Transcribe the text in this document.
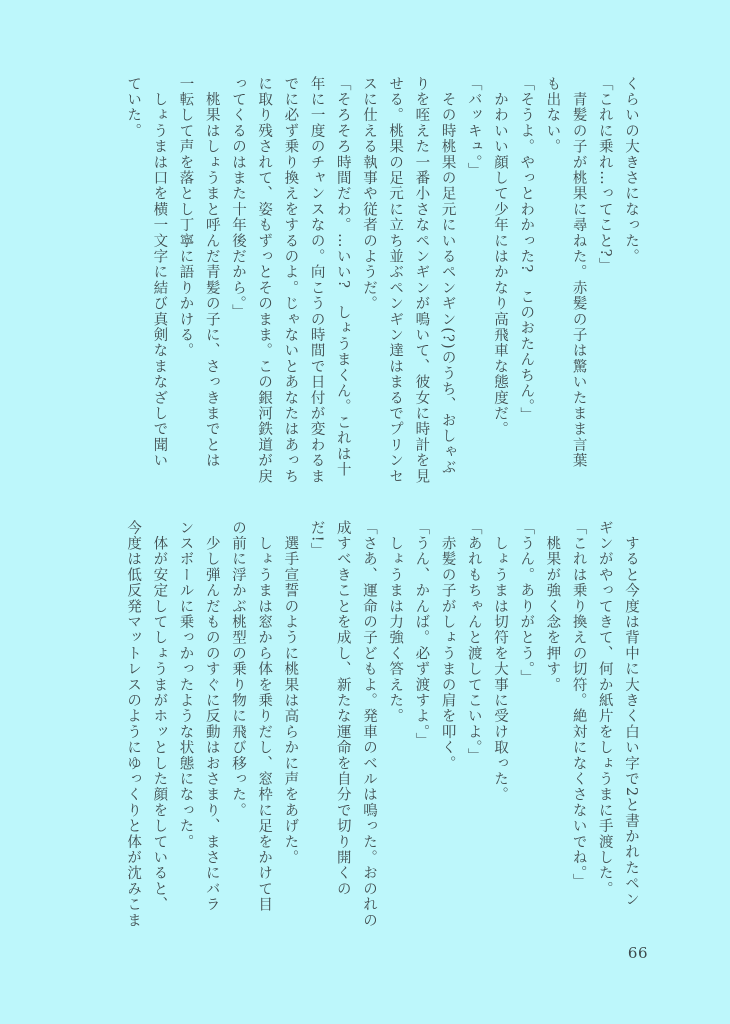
くらいの大きさになった。
「これに乗れ…ってこと?」
　青髪の子が桃果に尋ねた。赤髪の子は驚いたまま言葉
も出ない。
「そうよ。やっとわかった?　このおたんちん。」
　かわいい顔して少年にはかなり高飛車な態度だ。
「バッキュ。」
　その時桃果の足元にいるペンギン(?)のうち、おしゃぶ
りを咥えた一番小さなペンギンが鳴いて、彼女に時計を見
せる。桃果の足元に立ち並ぶペンギン達はまるでプリンセ
スに仕える執事や従者のようだ。
「そろそろ時間だわ。…いい?　しょうまくん。これは十
年に一度のチャンスなの。向こうの時間で日付が変わるま
でに必ず乗り換えをするのよ。じゃないとあなたはあっち
に取り残されて、姿もずっとそのまま。この銀河鉄道が戻
ってくるのはまた十年後だから。」
　桃果はしょうまと呼んだ青髪の子に、さっきまでとは
一転して声を落とし丁寧に語りかける。
　しょうまは口を横一文字に結び真剣なまなざしで聞い
ていた。
　すると今度は背中に大きく白い字で2と書かれたペン
ギンがやってきて、何か紙片をしょうまに手渡した。
「これは乗り換えの切符。絶対になくさないでね。」
　桃果が強く念を押す。
「うん。ありがとう。」
　しょうまは切符を大事に受け取った。
「あれもちゃんと渡してこいよ。」
　赤髪の子がしょうまの肩を叩く。
「うん、かんば。必ず渡すよ。」
　しょうまは力強く答えた。
「さあ、運命の子どもよ。発車のベルは鳴った。おのれの
成すべきことを成し、新たな運命を自分で切り開くの
だ!」
　選手宣誓のように桃果は高らかに声をあげた。
　しょうまは窓から体を乗りだし、窓枠に足をかけて目
の前に浮かぶ桃型の乗り物に飛び移った。
　少し弾んだもののすぐに反動はおさまり、まさにバラ
ンスボールに乗っかったような状態になった。
　体が安定してしょうまがホッとした顔をしていると、
今度は低反発マットレスのようにゆっくりと体が沈みこま
66
